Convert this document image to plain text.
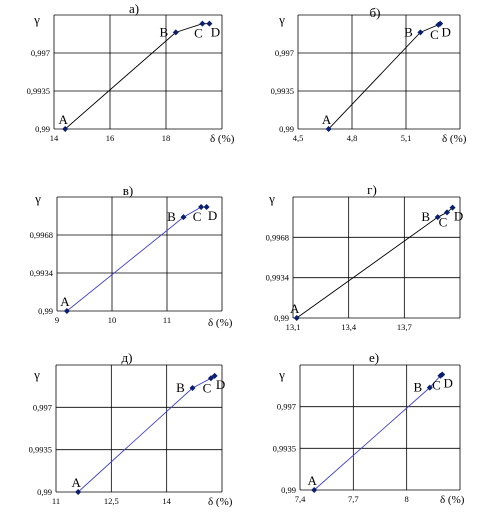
14	16	18
0,99
0,9935
0,997
а)
γ
δ (%)
A
B C D
4,5	4,8	5,1
0,99
0,9935
0,997
б)
γ
δ (%)
A
B C D
9	10	11
0,99
0,9934
0,9968
в)
γ
δ (%)
A
B C D
13,1	13,4	13,7
0,99
0,9934
0,9968
г)
γ
A
B C D
11	12,5	14
0,99
0,9935
0,997
д)
γ
δ (%)
A
B C D
7,4	7,7	8
0,99
0,9935
0,997
е)
γ
δ (%)
A
B C D
